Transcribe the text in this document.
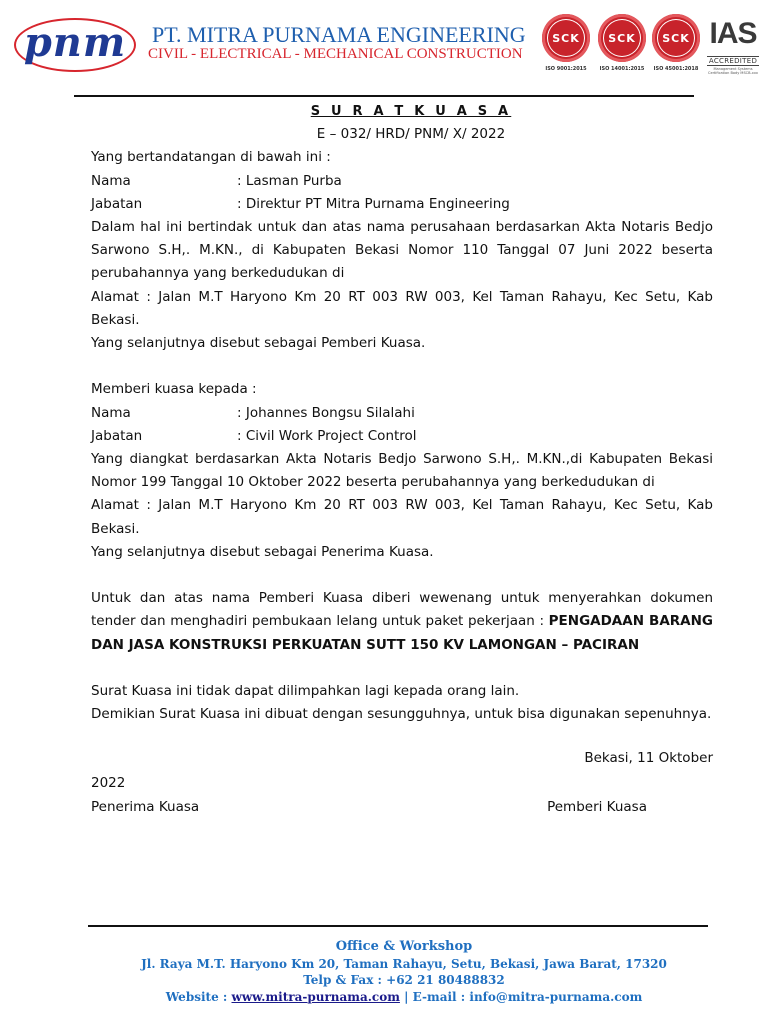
pnm PT. MITRA PURNAMA ENGINEERING
CIVIL - ELECTRICAL - MECHANICAL CONSTRUCTION
SCK
ISO 9001:2015
SCK
ISO 14001:2015
SCK
ISO 45001:2018
IAS
ACCREDITED
Management Systems Certification Body MSCB-xxx
S U R A T K U A S A
E – 032/ HRD/ PNM/ X/ 2022
Yang bertandatangan di bawah ini :
Nama	: Lasman Purba
Jabatan	: Direktur PT Mitra Purnama Engineering
Dalam hal ini bertindak untuk dan atas nama perusahaan berdasarkan Akta Notaris Bedjo Sarwono S.H,. M.KN., di Kabupaten Bekasi Nomor 110 Tanggal 07 Juni 2022 beserta perubahannya yang berkedudukan di
Alamat : Jalan M.T Haryono Km 20 RT 003 RW 003, Kel Taman Rahayu, Kec Setu, Kab Bekasi.
Yang selanjutnya disebut sebagai Pemberi Kuasa.
Memberi kuasa kepada :
Nama	: Johannes Bongsu Silalahi
Jabatan	: Civil Work Project Control
Yang diangkat berdasarkan Akta Notaris Bedjo Sarwono S.H,. M.KN.,di Kabupaten Bekasi Nomor 199 Tanggal 10 Oktober 2022 beserta perubahannya yang berkedudukan di
Alamat : Jalan M.T Haryono Km 20 RT 003 RW 003, Kel Taman Rahayu, Kec Setu, Kab Bekasi.
Yang selanjutnya disebut sebagai Penerima Kuasa.
Untuk dan atas nama Pemberi Kuasa diberi wewenang untuk menyerahkan dokumen tender dan menghadiri pembukaan lelang untuk paket pekerjaan : PENGADAAN BARANG DAN JASA KONSTRUKSI PERKUATAN SUTT 150 KV LAMONGAN – PACIRAN
Surat Kuasa ini tidak dapat dilimpahkan lagi kepada orang lain.
Demikian Surat Kuasa ini dibuat dengan sesungguhnya, untuk bisa digunakan sepenuhnya.
Bekasi, 11 Oktober
2022
Penerima Kuasa	Pemberi Kuasa
Office & Workshop
Jl. Raya M.T. Haryono Km 20, Taman Rahayu, Setu, Bekasi, Jawa Barat, 17320
Telp & Fax : +62 21 80488832
Website : www.mitra-purnama.com | E-mail : info@mitra-purnama.com
